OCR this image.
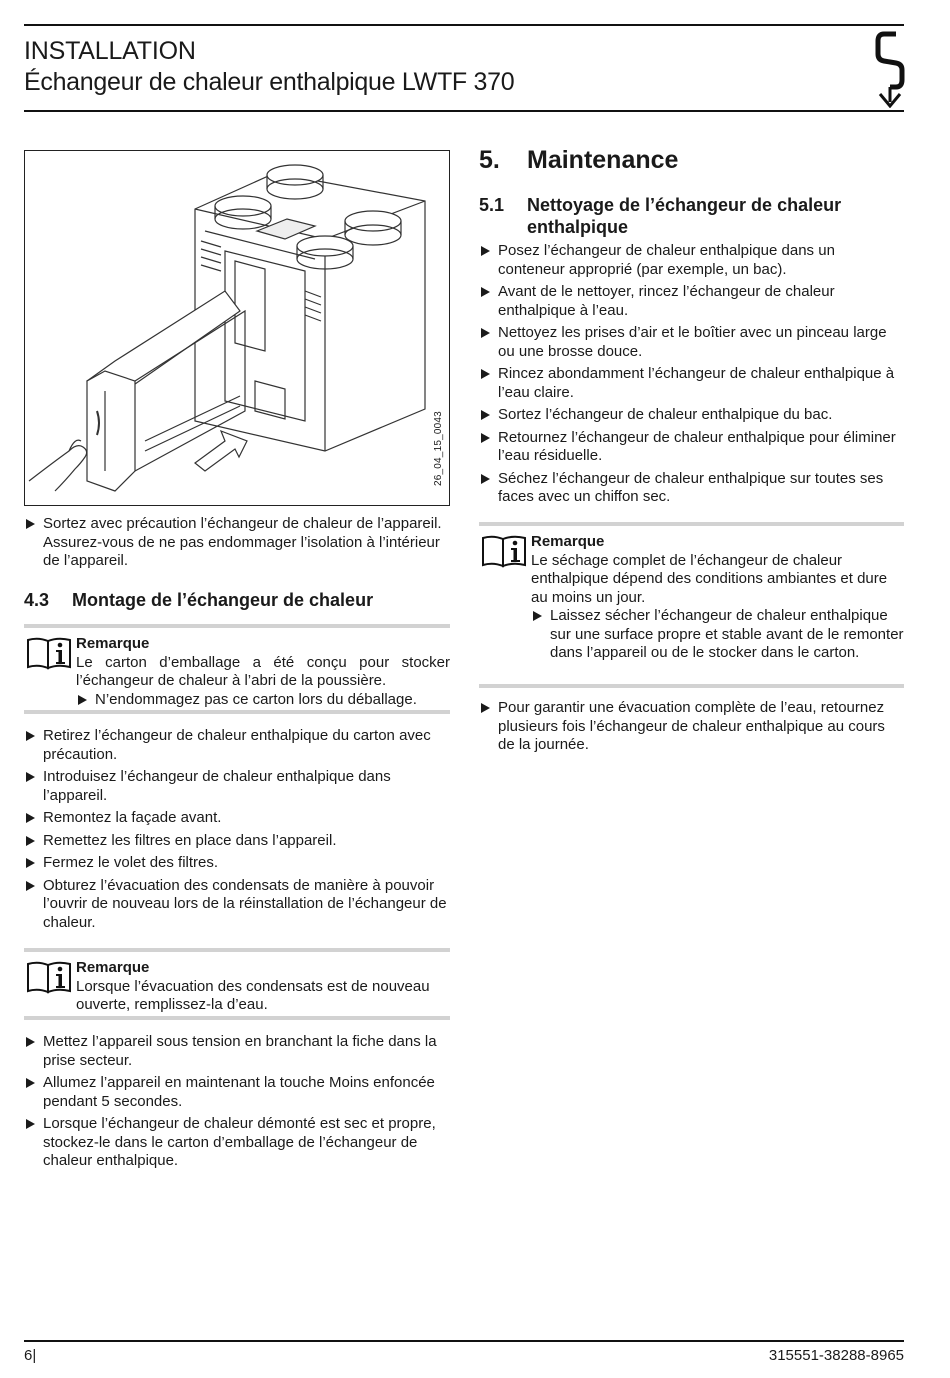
INSTALLATION
Échangeur de chaleur enthalpique LWTF 370
26_04_15_0043
Sortez avec précaution l’échangeur de chaleur de l’appareil. Assurez-vous de ne pas endommager l’isolation à l’intérieur de l’appareil.
4.3 Montage de l’échangeur de chaleur
Remarque
Le carton d’emballage a été conçu pour stocker l’échangeur de chaleur à l’abri de la poussière.
N’endommagez pas ce carton lors du déballage.
Retirez l’échangeur de chaleur enthalpique du carton avec précaution.
Introduisez l’échangeur de chaleur enthalpique dans l’appareil.
Remontez la façade avant.
Remettez les filtres en place dans l’appareil.
Fermez le volet des filtres.
Obturez l’évacuation des condensats de manière à pouvoir l’ouvrir de nouveau lors de la réinstallation de l’échangeur de chaleur.
Remarque
Lorsque l’évacuation des condensats est de nouveau ouverte, remplissez-la d’eau.
Mettez l’appareil sous tension en branchant la fiche dans la prise secteur.
Allumez l’appareil en maintenant la touche Moins enfoncée pendant 5 secondes.
Lorsque l’échangeur de chaleur démonté est sec et propre, stockez-le dans le carton d’emballage de l’échangeur de chaleur enthalpique.
5. Maintenance
5.1	Nettoyage de l’échangeur de chaleur enthalpique
Posez l’échangeur de chaleur enthalpique dans un conteneur approprié (par exemple, un bac).
Avant de le nettoyer, rincez l’échangeur de chaleur enthalpique à l’eau.
Nettoyez les prises d’air et le boîtier avec un pinceau large ou une brosse douce.
Rincez abondamment l’échangeur de chaleur enthalpique à l’eau claire.
Sortez l’échangeur de chaleur enthalpique du bac.
Retournez l’échangeur de chaleur enthalpique pour éliminer l’eau résiduelle.
Séchez l’échangeur de chaleur enthalpique sur toutes ses faces avec un chiffon sec.
Remarque
Le séchage complet de l’échangeur de chaleur enthalpique dépend des conditions ambiantes et dure au moins un jour.
Laissez sécher l’échangeur de chaleur enthalpique sur une surface propre et stable avant de le remonter dans l’appareil ou de le stocker dans le carton.
Pour garantir une évacuation complète de l’eau, retournez plusieurs fois l’échangeur de chaleur enthalpique au cours de la journée.
6|	315551-38288-8965
